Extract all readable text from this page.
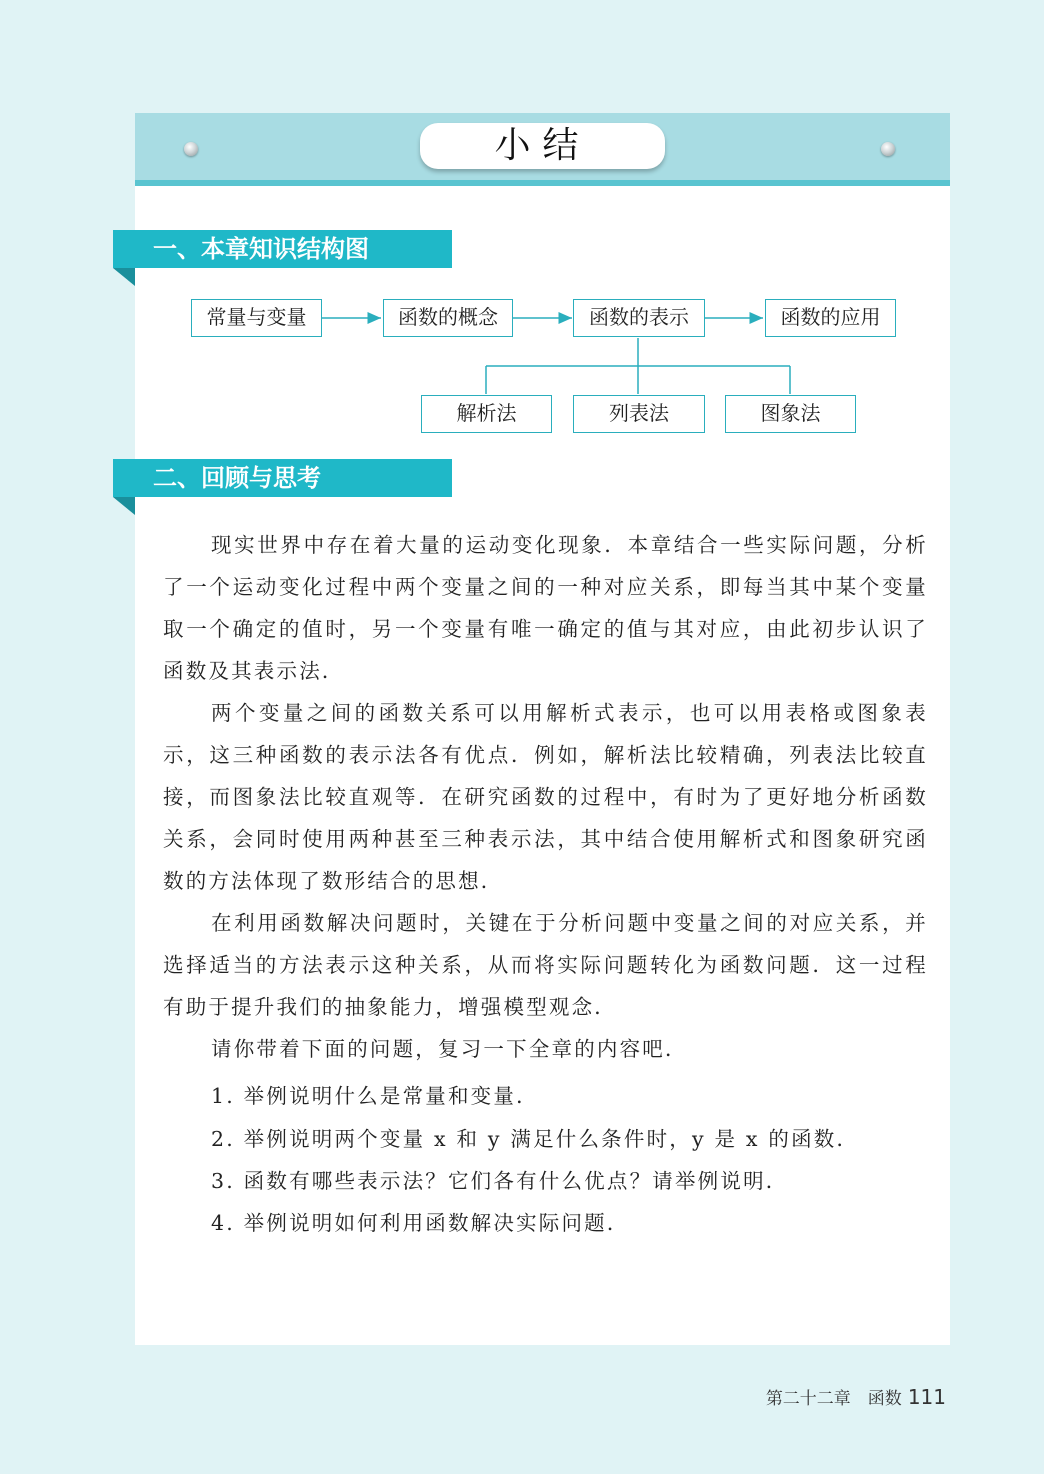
小结
一、本章知识结构图
常量与变量	函数的概念	函数的表示	函数的应用
解析法	列表法	图象法
二、回顾与思考

现实世界中存在着大量的运动变化现象．本章结合一些实际问题，分析了一个运动变化过程中两个变量之间的一种对应关系，即每当其中某个变量取一个确定的值时，另一个变量有唯一确定的值与其对应，由此初步认识了函数及其表示法．

两个变量之间的函数关系可以用解析式表示，也可以用表格或图象表示，这三种函数的表示法各有优点．例如，解析法比较精确，列表法比较直接，而图象法比较直观等．在研究函数的过程中，有时为了更好地分析函数关系，会同时使用两种甚至三种表示法，其中结合使用解析式和图象研究函数的方法体现了数形结合的思想．

在利用函数解决问题时，关键在于分析问题中变量之间的对应关系，并选择适当的方法表示这种关系，从而将实际问题转化为函数问题．这一过程有助于提升我们的抽象能力，增强模型观念．

请你带着下面的问题，复习一下全章的内容吧．

1. 举例说明什么是常量和变量．
2. 举例说明两个变量 x 和 y 满足什么条件时，y 是 x 的函数．
3. 函数有哪些表示法？它们各有什么优点？请举例说明．
4. 举例说明如何利用函数解决实际问题．
第二十二章　函数 111
